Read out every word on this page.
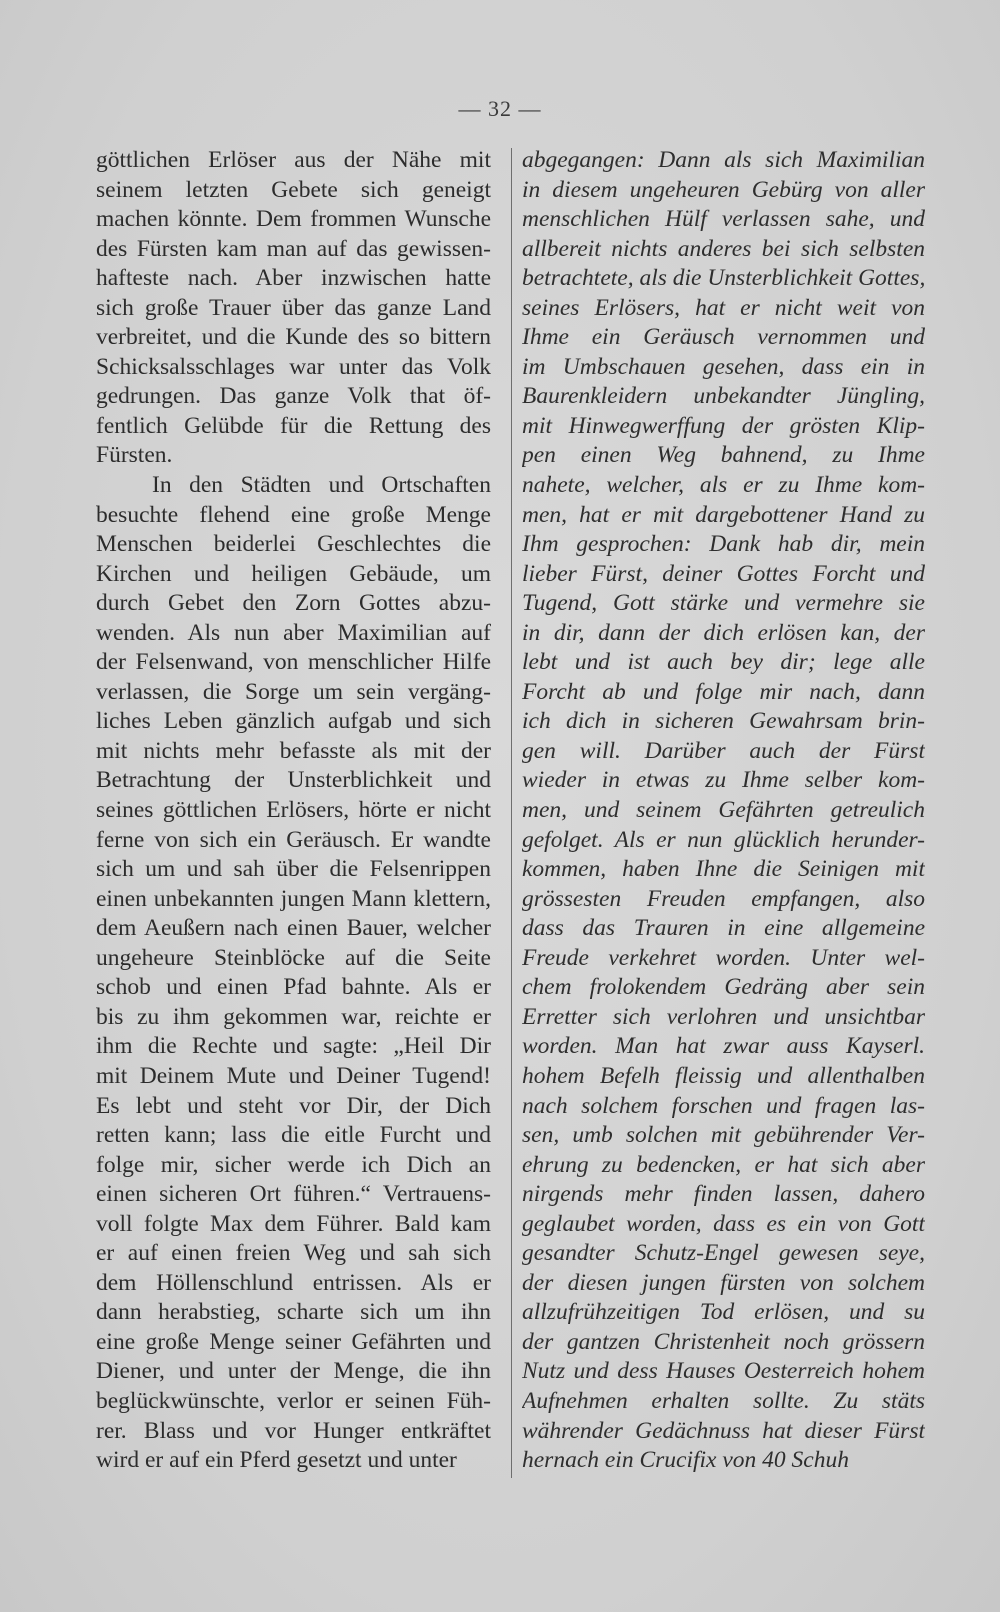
— 32 —
göttlichen Erlöser aus der Nähe mit
seinem letzten Gebete sich geneigt
machen könnte. Dem frommen Wunsche
des Fürsten kam man auf das gewissen-
hafteste nach. Aber inzwischen hatte
sich große Trauer über das ganze Land
verbreitet, und die Kunde des so bittern
Schicksalsschlages war unter das Volk
gedrungen. Das ganze Volk that öf-
fentlich Gelübde für die Rettung des
Fürsten.
In den Städten und Ortschaften
besuchte flehend eine große Menge
Menschen beiderlei Geschlechtes die
Kirchen und heiligen Gebäude, um
durch Gebet den Zorn Gottes abzu-
wenden. Als nun aber Maximilian auf
der Felsenwand, von menschlicher Hilfe
verlassen, die Sorge um sein vergäng-
liches Leben gänzlich aufgab und sich
mit nichts mehr befasste als mit der
Betrachtung der Unsterblichkeit und
seines göttlichen Erlösers, hörte er nicht
ferne von sich ein Geräusch. Er wandte
sich um und sah über die Felsenrippen
einen unbekannten jungen Mann klettern,
dem Aeußern nach einen Bauer, welcher
ungeheure Steinblöcke auf die Seite
schob und einen Pfad bahnte. Als er
bis zu ihm gekommen war, reichte er
ihm die Rechte und sagte: „Heil Dir
mit Deinem Mute und Deiner Tugend!
Es lebt und steht vor Dir, der Dich
retten kann; lass die eitle Furcht und
folge mir, sicher werde ich Dich an
einen sicheren Ort führen.“ Vertrauens-
voll folgte Max dem Führer. Bald kam
er auf einen freien Weg und sah sich
dem Höllenschlund entrissen. Als er
dann herabstieg, scharte sich um ihn
eine große Menge seiner Gefährten und
Diener, und unter der Menge, die ihn
beglückwünschte, verlor er seinen Füh-
rer. Blass und vor Hunger entkräftet
wird er auf ein Pferd gesetzt und unter
abgegangen: Dann als sich Maximilian
in diesem ungeheuren Gebürg von aller
menschlichen Hülf verlassen sahe, und
allbereit nichts anderes bei sich selbsten
betrachtete, als die Unsterblichkeit Gottes,
seines Erlösers, hat er nicht weit von
Ihme ein Geräusch vernommen und
im Umbschauen gesehen, dass ein in
Baurenkleidern unbekandter Jüngling,
mit Hinwegwerffung der grösten Klip-
pen einen Weg bahnend, zu Ihme
nahete, welcher, als er zu Ihme kom-
men, hat er mit dargebottener Hand zu
Ihm gesprochen: Dank hab dir, mein
lieber Fürst, deiner Gottes Forcht und
Tugend, Gott stärke und vermehre sie
in dir, dann der dich erlösen kan, der
lebt und ist auch bey dir; lege alle
Forcht ab und folge mir nach, dann
ich dich in sicheren Gewahrsam brin-
gen will. Darüber auch der Fürst
wieder in etwas zu Ihme selber kom-
men, und seinem Gefährten getreulich
gefolget. Als er nun glücklich herunder-
kommen, haben Ihne die Seinigen mit
grössesten Freuden empfangen, also
dass das Trauren in eine allgemeine
Freude verkehret worden. Unter wel-
chem frolokendem Gedräng aber sein
Erretter sich verlohren und unsichtbar
worden. Man hat zwar auss Kayserl.
hohem Befelh fleissig und allenthalben
nach solchem forschen und fragen las-
sen, umb solchen mit gebührender Ver-
ehrung zu bedencken, er hat sich aber
nirgends mehr finden lassen, dahero
geglaubet worden, dass es ein von Gott
gesandter Schutz-Engel gewesen seye,
der diesen jungen fürsten von solchem
allzufrühzeitigen Tod erlösen, und su
der gantzen Christenheit noch grössern
Nutz und dess Hauses Oesterreich hohem
Aufnehmen erhalten sollte. Zu stäts
währender Gedächnuss hat dieser Fürst
hernach ein Crucifix von 40 Schuh
